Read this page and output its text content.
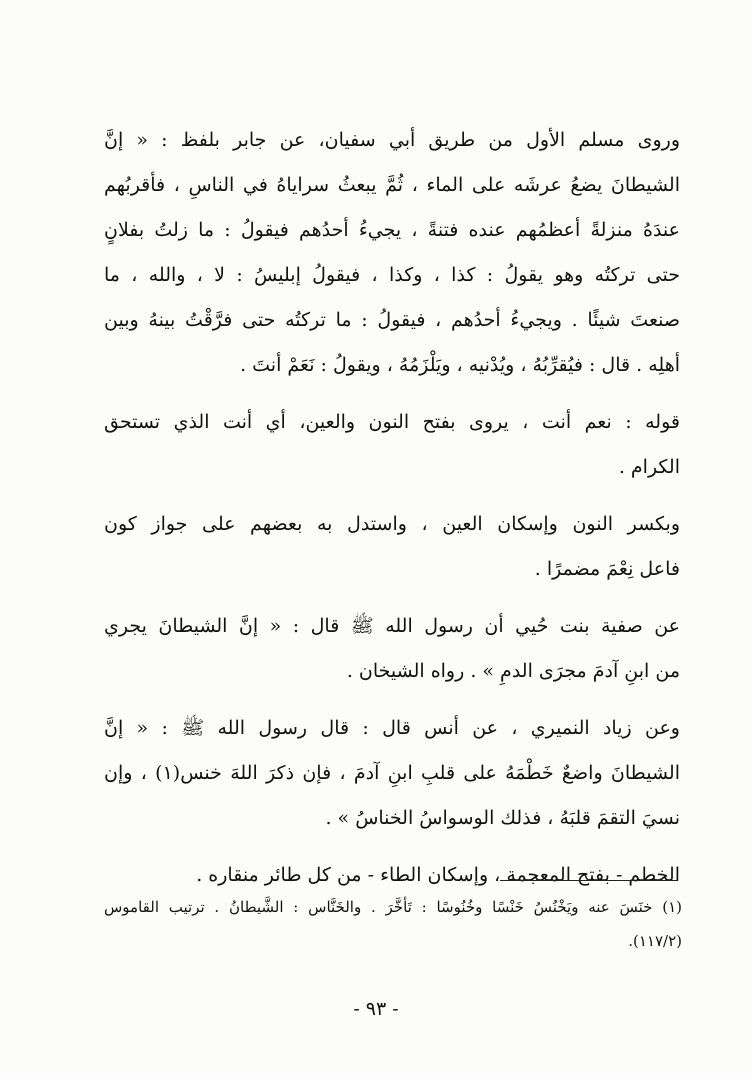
وروى مسلم الأول من طريق أبي سفيان، عن جابر بلفظ : « إنَّ
الشيطانَ يضعُ عرشَه على الماء ، ثُمَّ يبعثُ سراياهُ في الناسِ ، فأقربُهم
عندَهُ منزلةً أعظمُهم عنده فتنةً ، يجيءُ أحدُهم فيقولُ : ما زلتُ بفلانٍ
حتى تركتُه وهو يقولُ : كذا ، وكذا ، فيقولُ إبليسُ : لا ، والله ، ما
صنعتَ شيئًا . ويجيءُ أحدُهم ، فيقولُ : ما تركتُه حتى فرَّقْتُ بينهُ وبين
أهلِه . قال : فيُقرِّبُهُ ، ويُدْنيه ، ويَلْزَمُهُ ، ويقولُ : نَعَمْ أنتَ .
قوله : نعم أنت ، يروى بفتح النون والعين، أي أنت الذي تستحق
الكرام .
وبكسر النون وإسكان العين ، واستدل به بعضهم على جواز كون
فاعل نِعْمَ مضمرًا .
عن صفية بنت حُيي أن رسول الله ﷺ قال : « إنَّ الشيطانَ يجري
من ابنِ آدمَ مجرَى الدمِ » . رواه الشيخان .
وعن زياد النميري ، عن أنس قال : قال رسول الله ﷺ : « إنَّ
الشيطانَ واضعٌ خَطْمَهُ على قلبِ ابنِ آدمَ ، فإن ذكرَ اللهَ خنس(١) ، وإن
نسيَ التقمَ قلبَهُ ، فذلك الوسواسُ الخناسُ » .
الخطم - بفتح المعجمة ، وإسكان الطاء - من كل طائر منقاره .
(١) خنَسَ عنه ويَخْنُسُ خَنْسًا وخُنُوسًا : تَأخَّرَ . والخَنَّاس : الشَّيطانُ . ترتيب القاموس
(١١٧/٢).
- ٩٣ -
